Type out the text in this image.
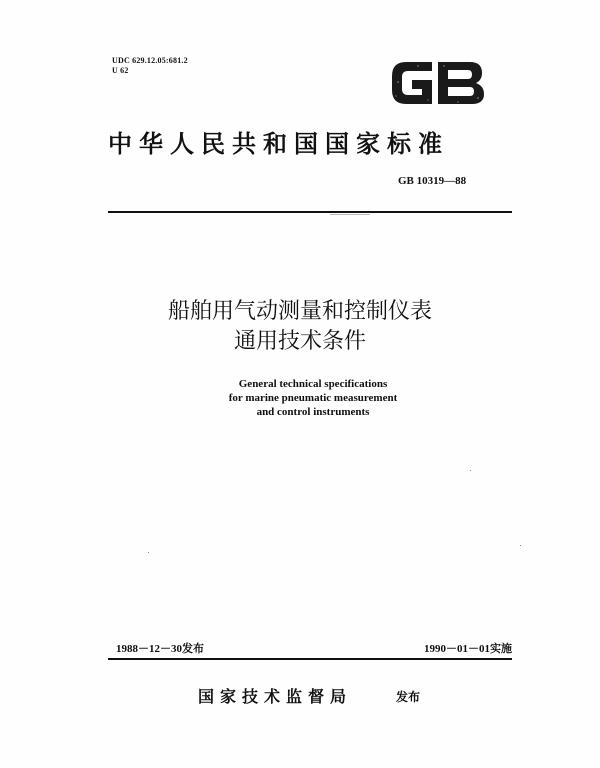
UDC 629.12.05:681.2
U 62
中华人民共和国国家标准
GB 10319—88
船舶用气动测量和控制仪表
通用技术条件
General technical specifications
for marine pneumatic measurement
and control instruments
1988－12－30发布	1990－01－01实施
国家技术监督局	发布
